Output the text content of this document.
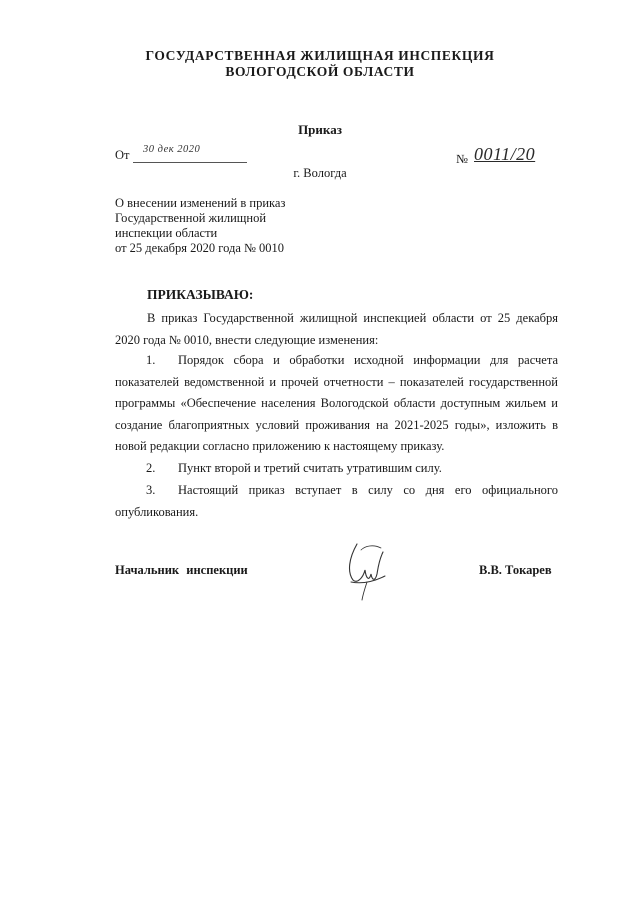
ГОСУДАРСТВЕННАЯ ЖИЛИЩНАЯ ИНСПЕКЦИЯ
ВОЛОГОДСКОЙ ОБЛАСТИ
Приказ
От 30 дек 2020
№ 0011/20
г. Вологда
О внесении изменений в приказ
Государственной жилищной
инспекции области
от 25 декабря 2020 года № 0010
ПРИКАЗЫВАЮ:
В приказ Государственной жилищной инспекцией области от 25 декабря 2020 года № 0010, внести следующие изменения:
1. Порядок сбора и обработки исходной информации для расчета показателей ведомственной и прочей отчетности – показателей государственной программы «Обеспечение населения Вологодской области доступным жильем и создание благоприятных условий проживания на 2021-2025 годы», изложить в новой редакции согласно приложению к настоящему приказу.
2. Пункт второй и третий считать утратившим силу.
3. Настоящий приказ вступает в силу со дня его официального опубликования.
Начальник инспекции	В.В. Токарев
